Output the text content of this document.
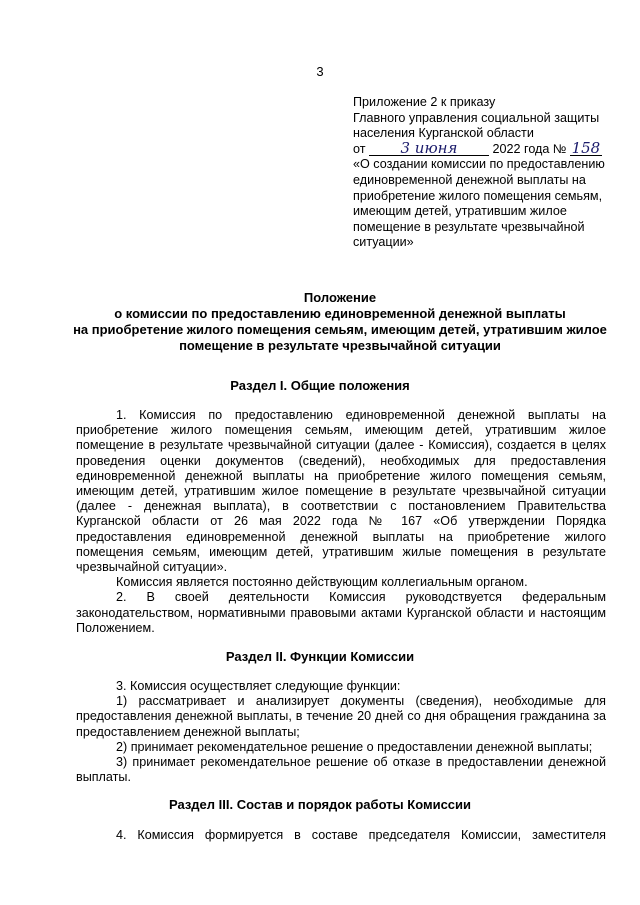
3
Приложение 2 к приказу
Главного управления социальной защиты
населения Курганской области
от 3 июня	2022 года № 158
«О создании комиссии по предоставлению
единовременной денежной выплаты на
приобретение жилого помещения семьям,
имеющим детей, утратившим жилое
помещение в результате чрезвычайной
ситуации»
Положение
о комиссии по предоставлению единовременной денежной выплаты
на приобретение жилого помещения семьям, имеющим детей, утратившим жилое
помещение в результате чрезвычайной ситуации
Раздел I. Общие положения

1. Комиссия по предоставлению единовременной денежной выплаты на приобретение жилого помещения семьям, имеющим детей, утратившим жилое помещение в результате чрезвычайной ситуации (далее - Комиссия), создается в целях проведения оценки документов (сведений), необходимых для предоставления единовременной денежной выплаты на приобретение жилого помещения семьям, имеющим детей, утратившим жилое помещение в результате чрезвычайной ситуации (далее - денежная выплата), в соответствии с постановлением Правительства Курганской области от 26 мая 2022 года № 167 «Об утверждении Порядка предоставления единовременной денежной выплаты на приобретение жилого помещения семьям, имеющим детей, утратившим жилые помещения в результате чрезвычайной ситуации».

Комиссия является постоянно действующим коллегиальным органом.

2. В своей деятельности Комиссия руководствуется федеральным законодательством, нормативными правовыми актами Курганской области и настоящим Положением.

Раздел II. Функции Комиссии

3. Комиссия осуществляет следующие функции:

1) рассматривает и анализирует документы (сведения), необходимые для предоставления денежной выплаты, в течение 20 дней со дня обращения гражданина за предоставлением денежной выплаты;

2) принимает рекомендательное решение о предоставлении денежной выплаты;

3) принимает рекомендательное решение об отказе в предоставлении денежной выплаты.

Раздел III. Состав и порядок работы Комиссии

4. Комиссия формируется в составе председателя Комиссии, заместителя
